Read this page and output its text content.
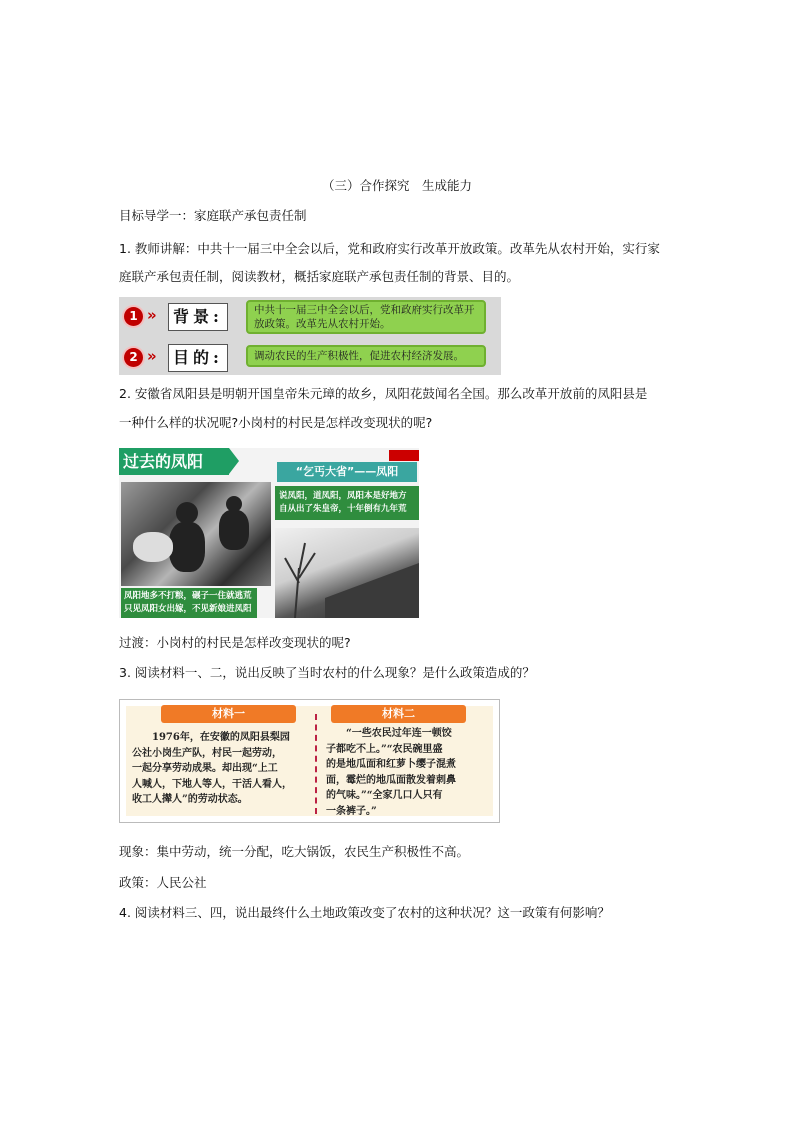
（三）合作探究　生成能力
目标导学一：家庭联产承包责任制
1. 教师讲解：中共十一届三中全会以后，党和政府实行改革开放政策。改革先从农村开始，实行家
庭联产承包责任制，阅读教材，概括家庭联产承包责任制的背景、目的。
1 »	背景:	中共十一届三中全会以后，党和政府实行改革开放政策。改革先从农村开始。
2 »	目的:	调动农民的生产积极性，促进农村经济发展。
2. 安徽省凤阳县是明朝开国皇帝朱元璋的故乡，凤阳花鼓闻名全国。那么改革开放前的凤阳县是
一种什么样的状况呢?小岗村的村民是怎样改变现状的呢?
过去的凤阳
凤阳地多不打粮，碾子一住就逃荒
只见凤阳女出嫁，不见新娘进凤阳
“乞丐大省”——凤阳
说凤阳，道凤阳，凤阳本是好地方
自从出了朱皇帝，十年倒有九年荒
过渡：小岗村的村民是怎样改变现状的呢?
3. 阅读材料一、二，说出反映了当时农村的什么现象？是什么政策造成的？
材料一	材料二
1976年，在安徽的凤阳县梨园
公社小岗生产队，村民一起劳动，
一起分享劳动成果。却出现“上工
人喊人，下地人等人，干活人看人，
收工人撵人”的劳动状态。
“一些农民过年连一顿饺
子都吃不上。”“农民碗里盛
的是地瓜面和红萝卜缨子混煮
面，霉烂的地瓜面散发着刺鼻
的气味。”“全家几口人只有
一条裤子。”
现象：集中劳动，统一分配，吃大锅饭，农民生产积极性不高。
政策：人民公社
4. 阅读材料三、四，说出最终什么土地政策改变了农村的这种状况？这一政策有何影响？
